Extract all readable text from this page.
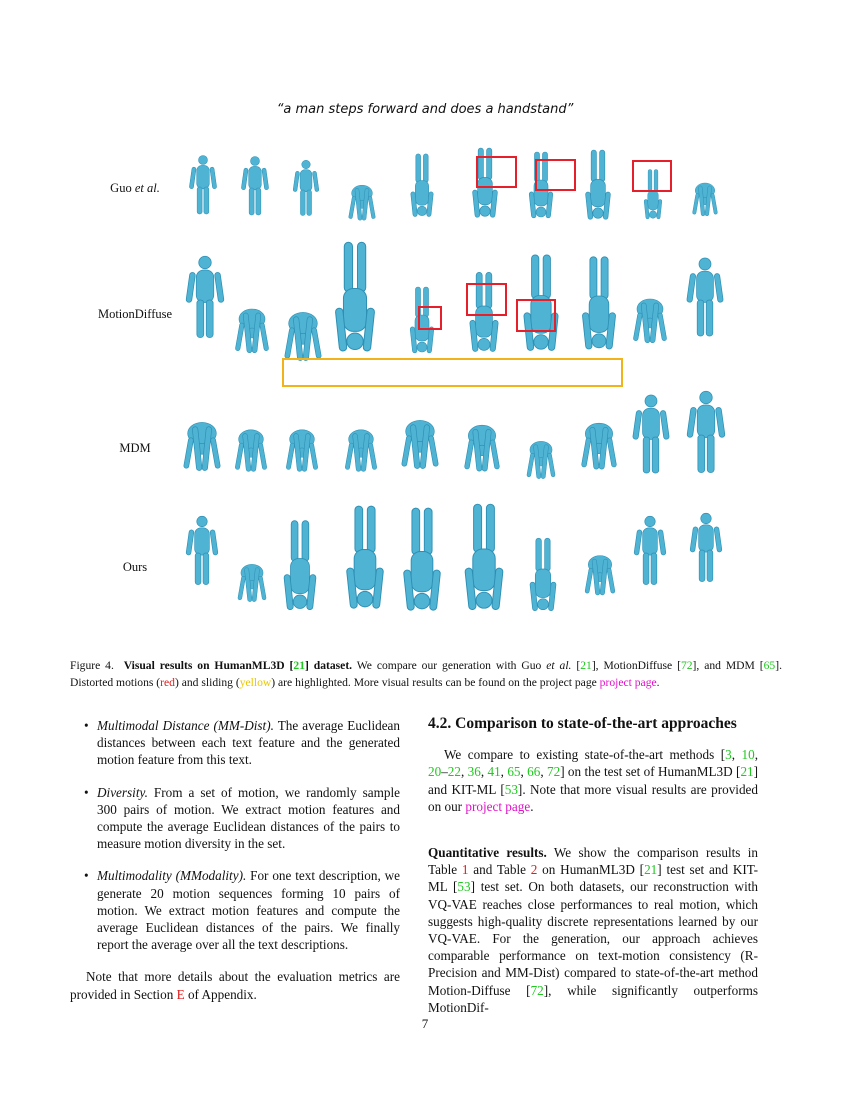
“a man steps forward and does a handstand”
Guo et al.
MotionDiffuse
MDM
Ours
Figure 4. Visual results on HumanML3D [21] dataset. We compare our generation with Guo et al. [21], MotionDiffuse [72], and MDM [65]. Distorted motions (red) and sliding (yellow) are highlighted. More visual results can be found on the project page project page.
• Multimodal Distance (MM-Dist). The average Euclidean distances between each text feature and the generated motion feature from this text.
• Diversity. From a set of motion, we randomly sample 300 pairs of motion. We extract motion features and compute the average Euclidean distances of the pairs to measure motion diversity in the set.
• Multimodality (MModality). For one text description, we generate 20 motion sequences forming 10 pairs of motion. We extract motion features and compute the average Euclidean distances of the pairs. We finally report the average over all the text descriptions.

Note that more details about the evaluation metrics are provided in Section E of Appendix.

4.2. Comparison to state-of-the-art approaches

We compare to existing state-of-the-art methods [3, 10, 20–22, 36, 41, 65, 66, 72] on the test set of HumanML3D [21] and KIT-ML [53]. Note that more visual results are provided on our project page.

Quantitative results. We show the comparison results in Table 1 and Table 2 on HumanML3D [21] test set and KIT-ML [53] test set. On both datasets, our reconstruction with VQ-VAE reaches close performances to real motion, which suggests high-quality discrete representations learned by our VQ-VAE. For the generation, our approach achieves comparable performance on text-motion consistency (R-Precision and MM-Dist) compared to state-of-the-art method Motion-Diffuse [72], while significantly outperforms MotionDif-

7
